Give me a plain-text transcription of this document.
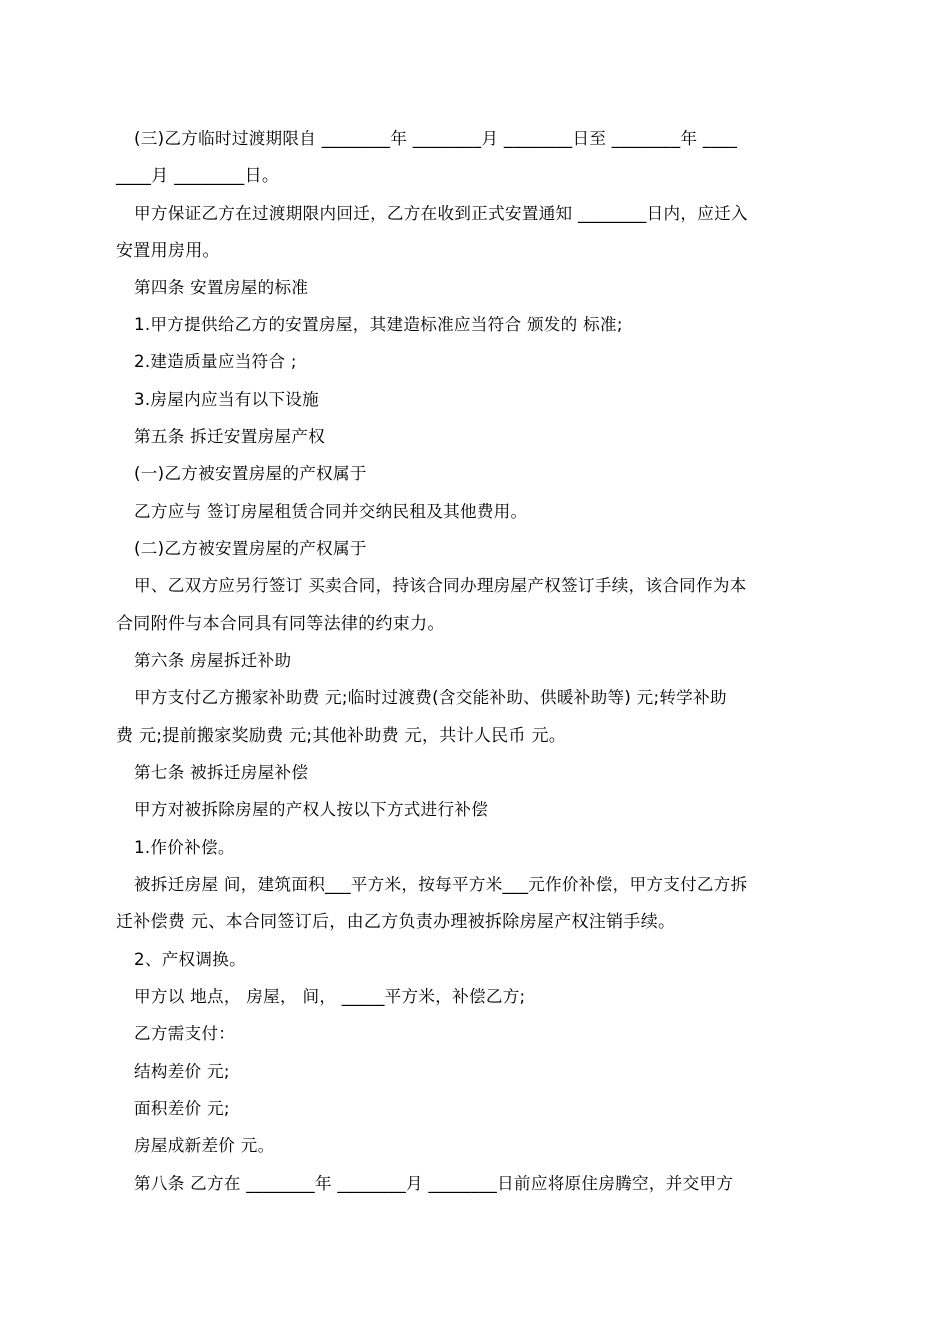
(三)乙方临时过渡期限自 ________年 ________月 ________日至 ________年 ____
____月 ________日。
甲方保证乙方在过渡期限内回迁，乙方在收到正式安置通知 ________日内，应迁入
安置用房用。
第四条 安置房屋的标准
1.甲方提供给乙方的安置房屋，其建造标准应当符合 颁发的 标准;
2.建造质量应当符合 ;
3.房屋内应当有以下设施
第五条 拆迁安置房屋产权
(一)乙方被安置房屋的产权属于
乙方应与 签订房屋租赁合同并交纳民租及其他费用。
(二)乙方被安置房屋的产权属于
甲、乙双方应另行签订 买卖合同，持该合同办理房屋产权签订手续，该合同作为本
合同附件与本合同具有同等法律的约束力。
第六条 房屋拆迁补助
甲方支付乙方搬家补助费 元;临时过渡费(含交能补助、供暖补助等) 元;转学补助
费 元;提前搬家奖励费 元;其他补助费 元，共计人民币 元。
第七条 被拆迁房屋补偿
甲方对被拆除房屋的产权人按以下方式进行补偿
1.作价补偿。
被拆迁房屋 间，建筑面积___平方米，按每平方米___元作价补偿，甲方支付乙方拆
迁补偿费 元、本合同签订后，由乙方负责办理被拆除房屋产权注销手续。
2、产权调换。
甲方以 地点， 房屋， 间， _____平方米，补偿乙方;
乙方需支付：
结构差价 元;
面积差价 元;
房屋成新差价 元。
第八条 乙方在 ________年 ________月 ________日前应将原住房腾空，并交甲方
